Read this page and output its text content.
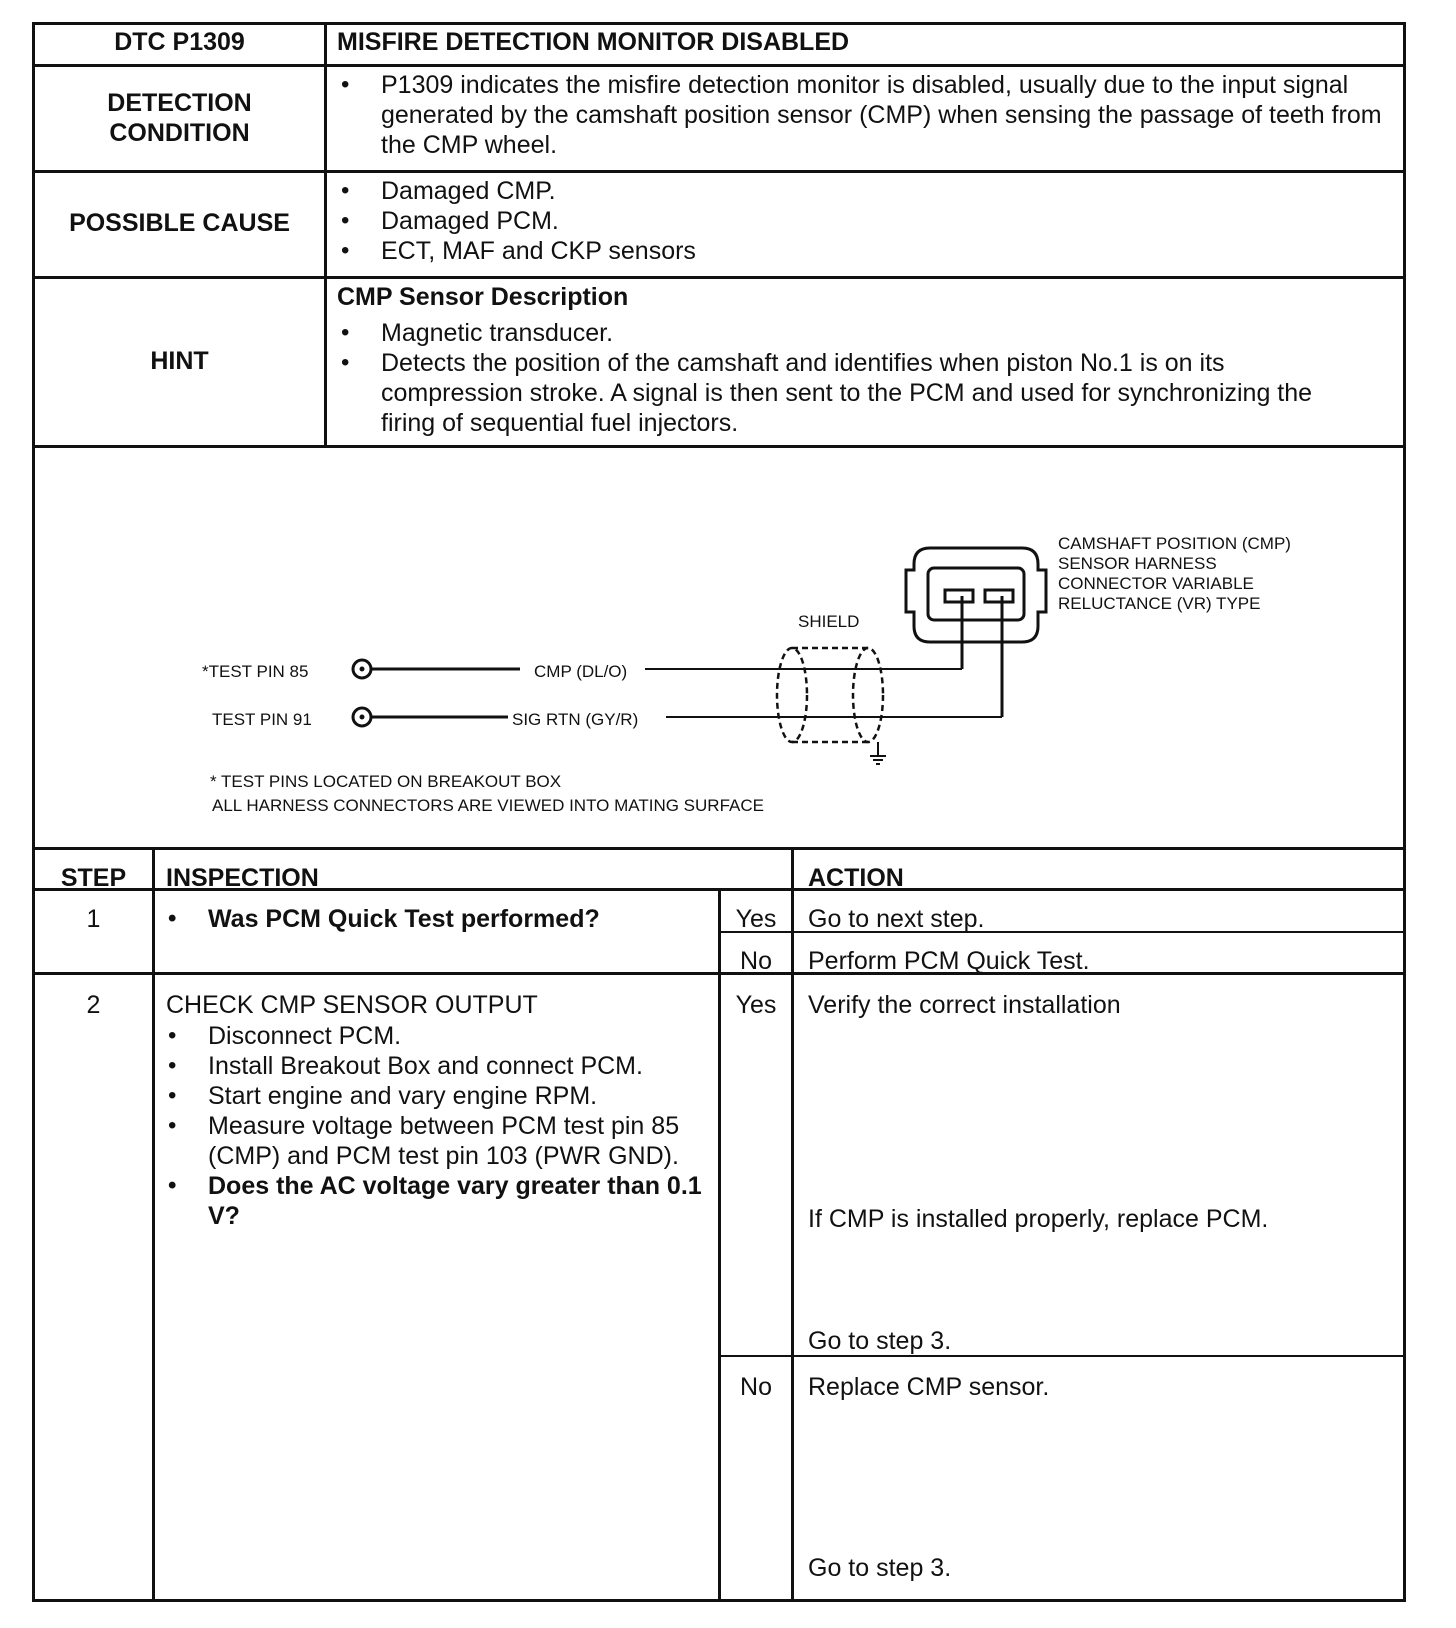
DTC P1309	MISFIRE DETECTION MONITOR DISABLED
DETECTION CONDITION
• P1309 indicates the misfire detection monitor is disabled, usually due to the input signal generated by the camshaft position sensor (CMP) when sensing the passage of teeth from the CMP wheel.
POSSIBLE CAUSE
• Damaged CMP.
• Damaged PCM.
• ECT, MAF and CKP sensors
HINT
CMP Sensor Description
• Magnetic transducer.
• Detects the position of the camshaft and identifies when piston No.1 is on its compression stroke. A signal is then sent to the PCM and used for synchronizing the firing of sequential fuel injectors.
CAMSHAFT POSITION (CMP) SENSOR HARNESS CONNECTOR VARIABLE RELUCTANCE (VR) TYPE
SHIELD
*TEST PIN 85	CMP (DL/O)
TEST PIN 91	SIG RTN (GY/R)
* TEST PINS LOCATED ON BREAKOUT BOX
ALL HARNESS CONNECTORS ARE VIEWED INTO MATING SURFACE
STEP	INSPECTION	ACTION
1
•	Was PCM Quick Test performed?	Yes	Go to next step.
No	Perform PCM Quick Test.
2	CHECK CMP SENSOR OUTPUT
• Disconnect PCM.
• Install Breakout Box and connect PCM.
• Start engine and vary engine RPM.
• Measure voltage between PCM test pin 85 (CMP) and PCM test pin 103 (PWR GND).
• Does the AC voltage vary greater than 0.1 V?
Yes	Verify the correct installation
If CMP is installed properly, replace PCM.
Go to step 3.
No	Replace CMP sensor.
Go to step 3.
